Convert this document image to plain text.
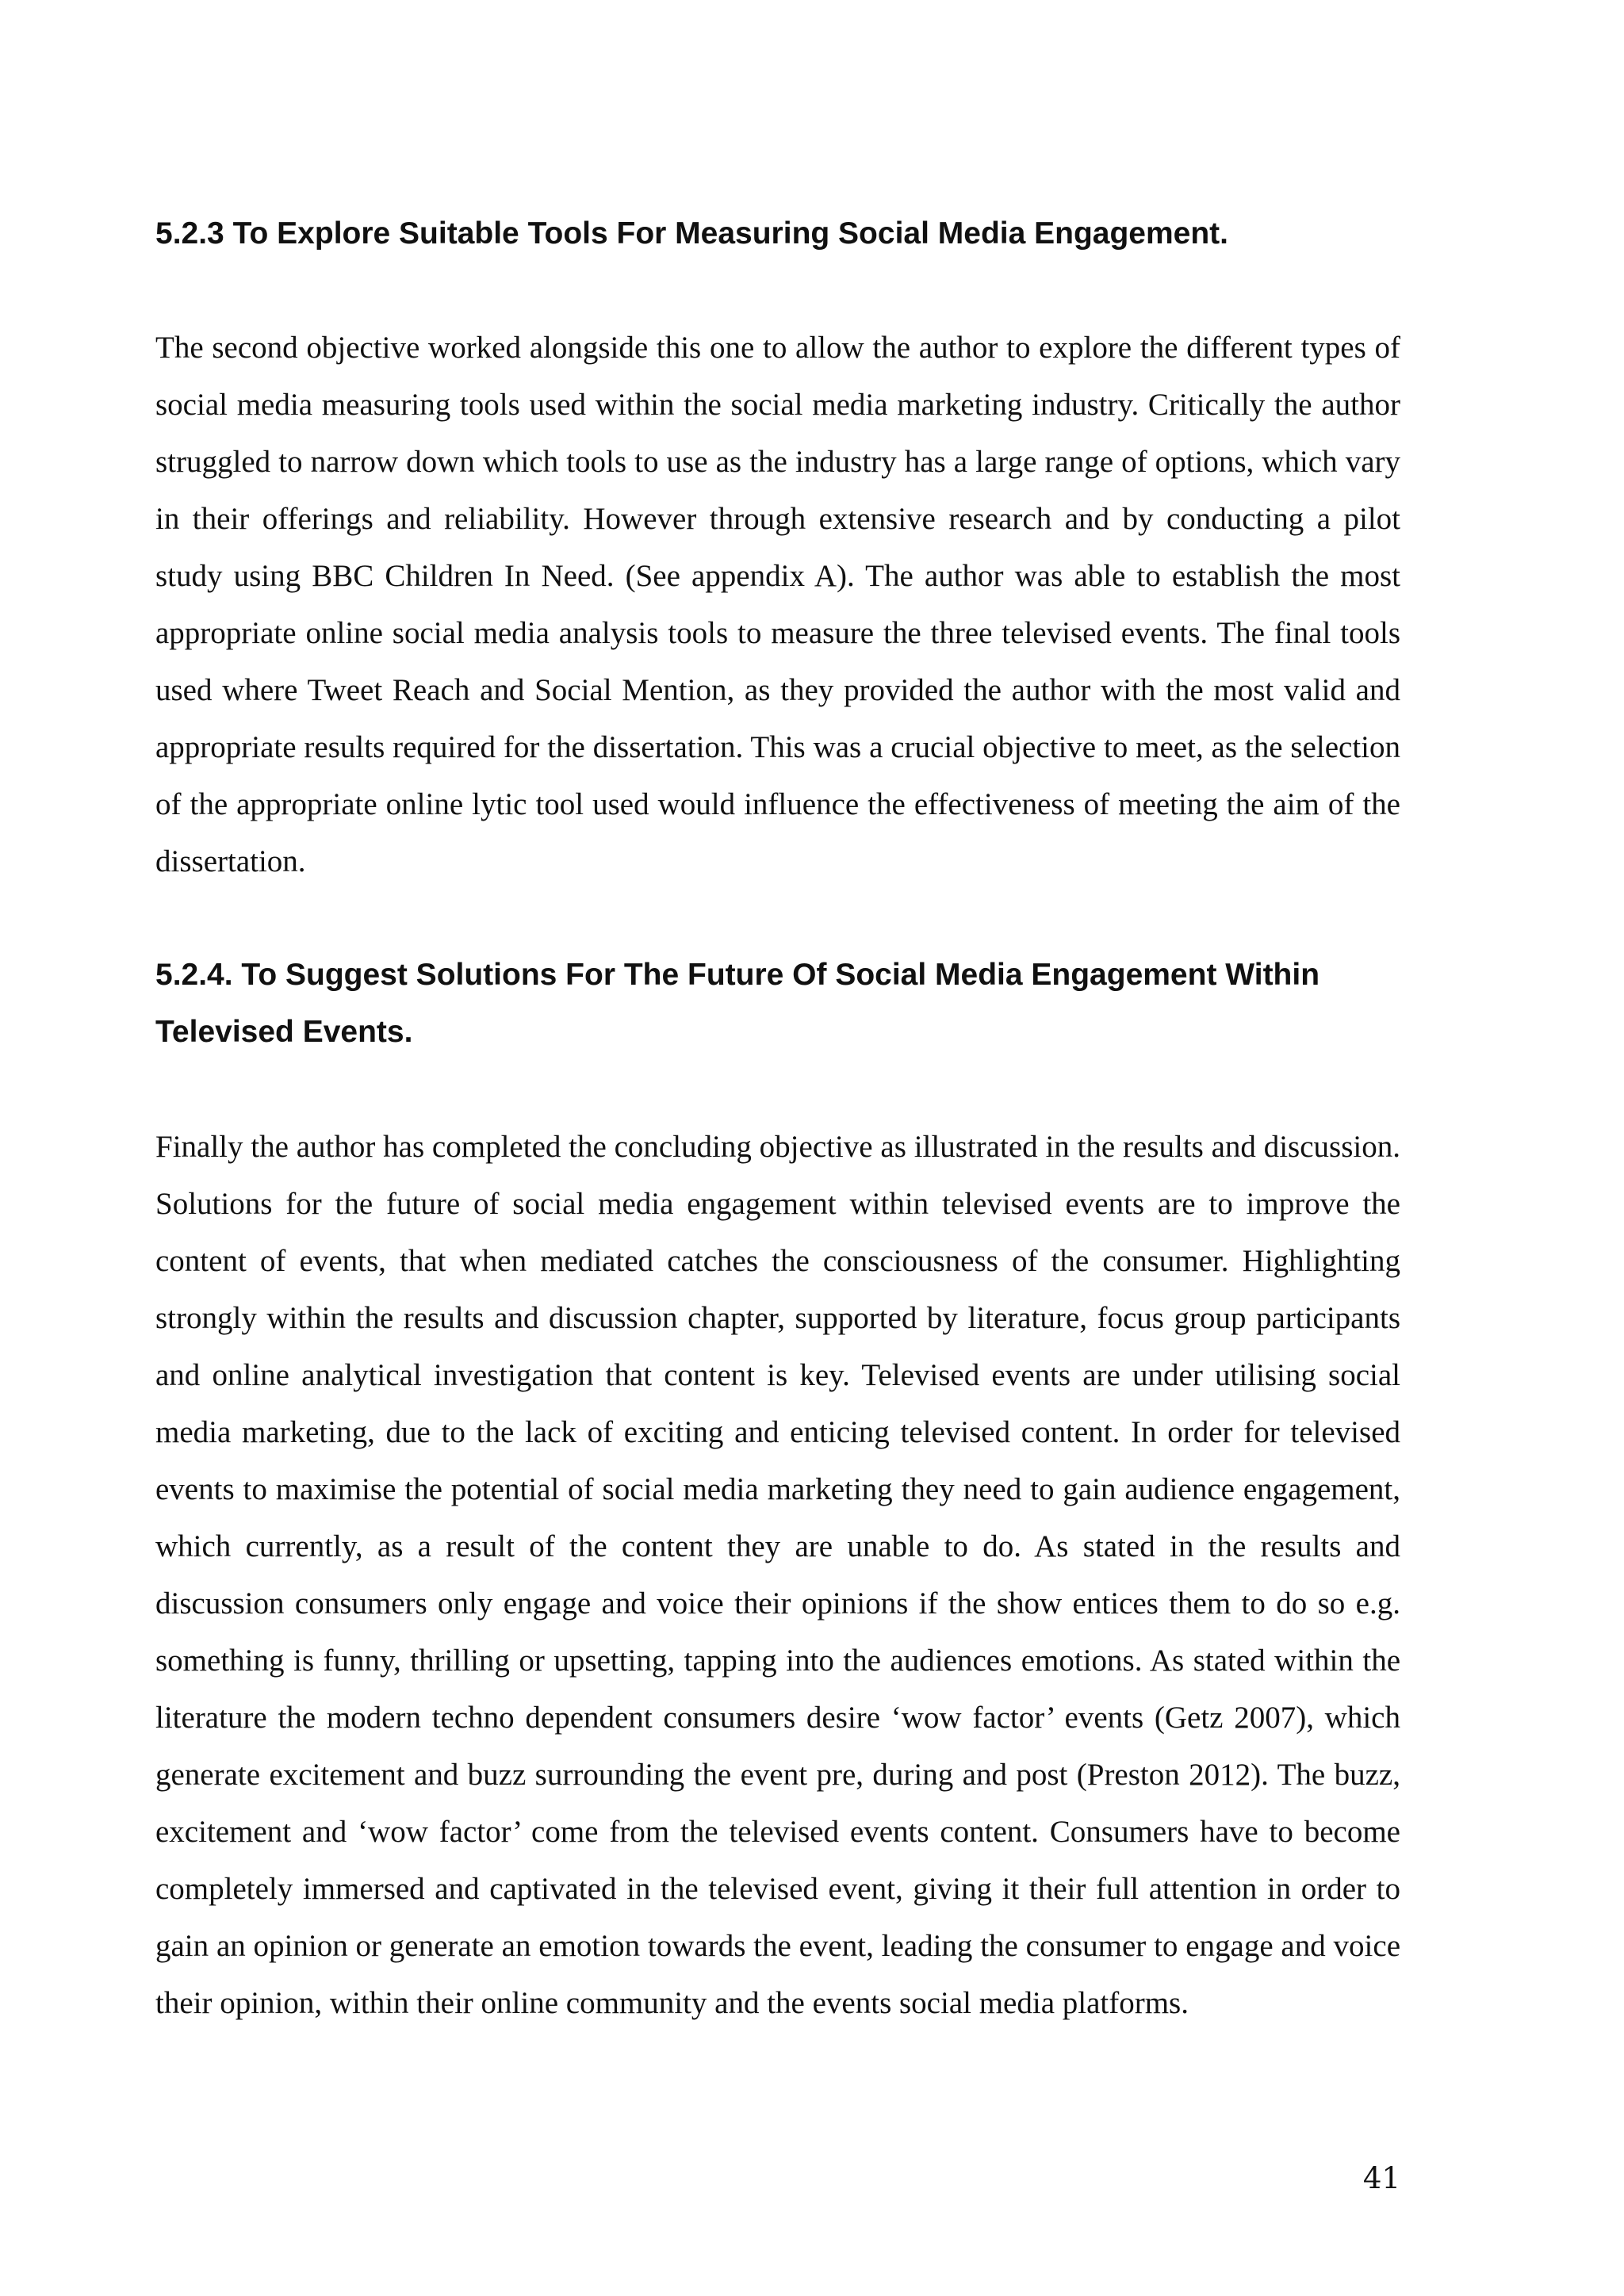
5.2.3 To Explore Suitable Tools For Measuring Social Media Engagement.

The second objective worked alongside this one to allow the author to explore the different types of social media measuring tools used within the social media marketing industry. Critically the author struggled to narrow down which tools to use as the industry has a large range of options, which vary in their offerings and reliability. However through extensive research and by conducting a pilot study using BBC Children In Need. (See appendix A). The author was able to establish the most appropriate online social media analysis tools to measure the three televised events. The final tools used where Tweet Reach and Social Mention, as they provided the author with the most valid and appropriate results required for the dissertation. This was a crucial objective to meet, as the selection of the appropriate online lytic tool used would influence the effectiveness of meeting the aim of the dissertation.

5.2.4. To Suggest Solutions For The Future Of Social Media Engagement Within Televised Events.

Finally the author has completed the concluding objective as illustrated in the results and discussion. Solutions for the future of social media engagement within televised events are to improve the content of events, that when mediated catches the consciousness of the consumer. Highlighting strongly within the results and discussion chapter, supported by literature, focus group participants and online analytical investigation that content is key. Televised events are under utilising social media marketing, due to the lack of exciting and enticing televised content. In order for televised events to maximise the potential of social media marketing they need to gain audience engagement, which currently, as a result of the content they are unable to do. As stated in the results and discussion consumers only engage and voice their opinions if the show entices them to do so e.g. something is funny, thrilling or upsetting, tapping into the audiences emotions. As stated within the literature the modern techno dependent consumers desire ‘wow factor’ events (Getz 2007), which generate excitement and buzz surrounding the event pre, during and post (Preston 2012). The buzz, excitement and ‘wow factor’ come from the televised events content. Consumers have to become completely immersed and captivated in the televised event, giving it their full attention in order to gain an opinion or generate an emotion towards the event, leading the consumer to engage and voice their opinion, within their online community and the events social media platforms.

41
